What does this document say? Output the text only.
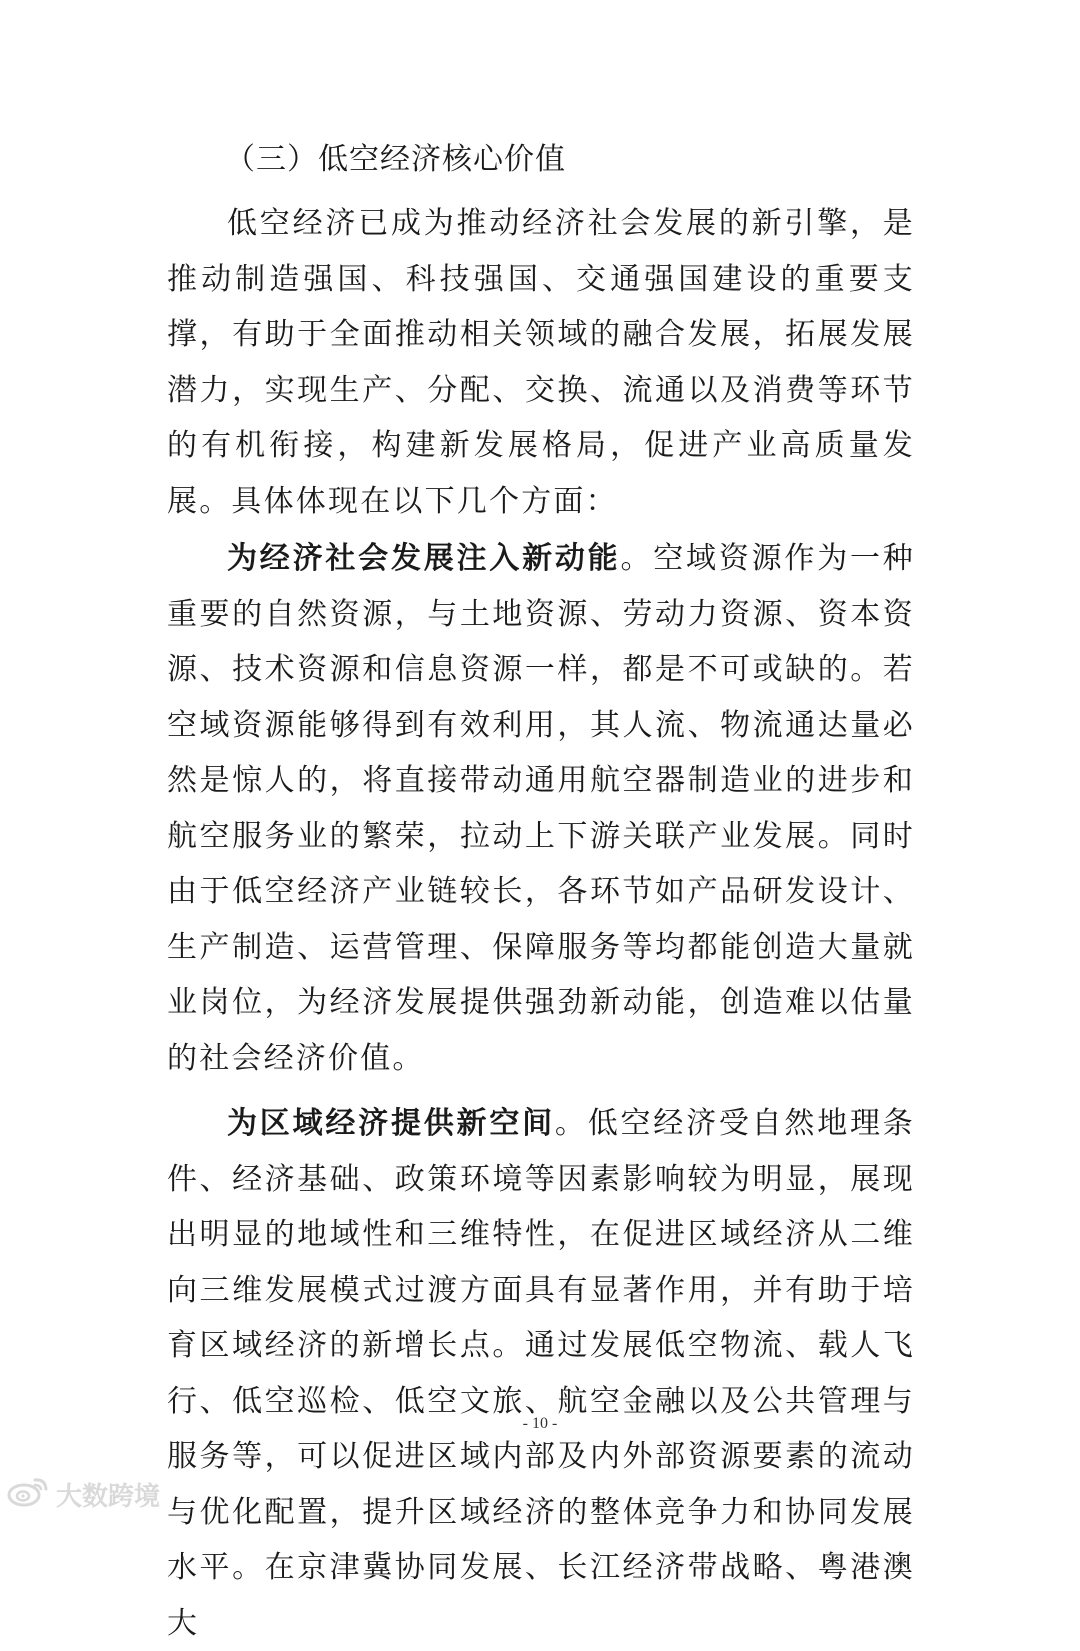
（三）低空经济核心价值

低空经济已成为推动经济社会发展的新引擎，是推动制造强国、科技强国、交通强国建设的重要支撑，有助于全面推动相关领域的融合发展，拓展发展潜力，实现生产、分配、交换、流通以及消费等环节的有机衔接，构建新发展格局，促进产业高质量发展。具体体现在以下几个方面：

为经济社会发展注入新动能。空域资源作为一种重要的自然资源，与土地资源、劳动力资源、资本资源、技术资源和信息资源一样，都是不可或缺的。若空域资源能够得到有效利用，其人流、物流通达量必然是惊人的，将直接带动通用航空器制造业的进步和航空服务业的繁荣，拉动上下游关联产业发展。同时由于低空经济产业链较长，各环节如产品研发设计、生产制造、运营管理、保障服务等均都能创造大量就业岗位，为经济发展提供强劲新动能，创造难以估量的社会经济价值。

为区域经济提供新空间。低空经济受自然地理条件、经济基础、政策环境等因素影响较为明显，展现出明显的地域性和三维特性，在促进区域经济从二维向三维发展模式过渡方面具有显著作用，并有助于培育区域经济的新增长点。通过发展低空物流、载人飞行、低空巡检、低空文旅、航空金融以及公共管理与服务等，可以促进区域内部及内外部资源要素的流动与优化配置，提升区域经济的整体竞争力和协同发展水平。在京津冀协同发展、长江经济带战略、粤港澳大

- 10 -
大数跨境
